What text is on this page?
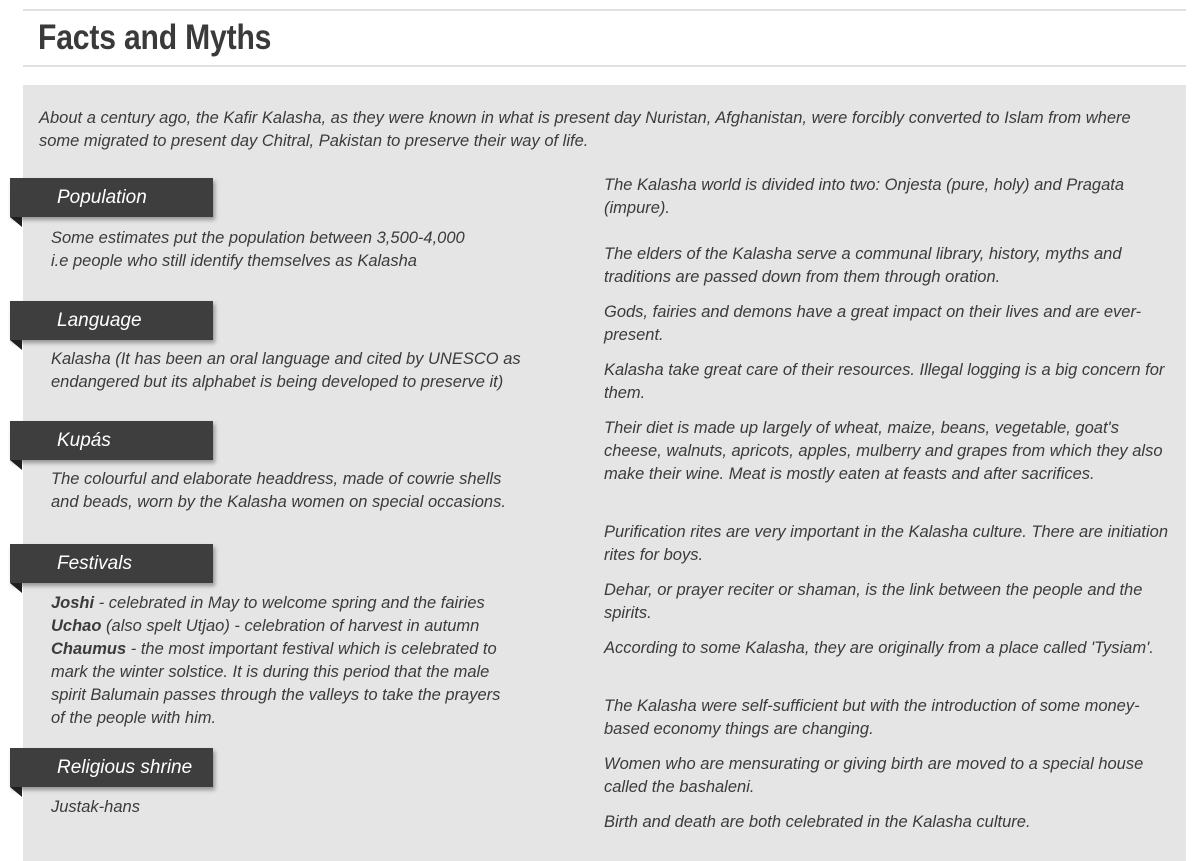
Facts and Myths

About a century ago, the Kafir Kalasha, as they were known in what is present day Nuristan, Afghanistan, were forcibly converted to Islam from where some migrated to present day Chitral, Pakistan to preserve their way of life.

Population

Some estimates put the population between 3,500-4,000
i.e people who still identify themselves as Kalasha

Language

Kalasha (It has been an oral language and cited by UNESCO as
endangered but its alphabet is being developed to preserve it)

Kupás

The colourful and elaborate headdress, made of cowrie shells
and beads, worn by the Kalasha women on special occasions.

Festivals

Joshi - celebrated in May to welcome spring and the fairies
Uchao (also spelt Utjao) - celebration of harvest in autumn
Chaumus - the most important festival which is celebrated to
mark the winter solstice. It is during this period that the male
spirit Balumain passes through the valleys to take the prayers
of the people with him.

Religious shrine

Justak-hans

The Kalasha world is divided into two: Onjesta (pure, holy) and Pragata (impure).

The elders of the Kalasha serve a communal library, history, myths and traditions are passed down from them through oration.

Gods, fairies and demons have a great impact on their lives and are ever-present.

Kalasha take great care of their resources. Illegal logging is a big concern for them.

Their diet is made up largely of wheat, maize, beans, vegetable, goat's cheese, walnuts, apricots, apples, mulberry and grapes from which they also make their wine. Meat is mostly eaten at feasts and after sacrifices.

Purification rites are very important in the Kalasha culture. There are initiation rites for boys.

Dehar, or prayer reciter or shaman, is the link between the people and the spirits.

According to some Kalasha, they are originally from a place called 'Tysiam'.

The Kalasha were self-sufficient but with the introduction of some money-based economy things are changing.

Women who are mensurating or giving birth are moved to a special house called the bashaleni.

Birth and death are both celebrated in the Kalasha culture.
